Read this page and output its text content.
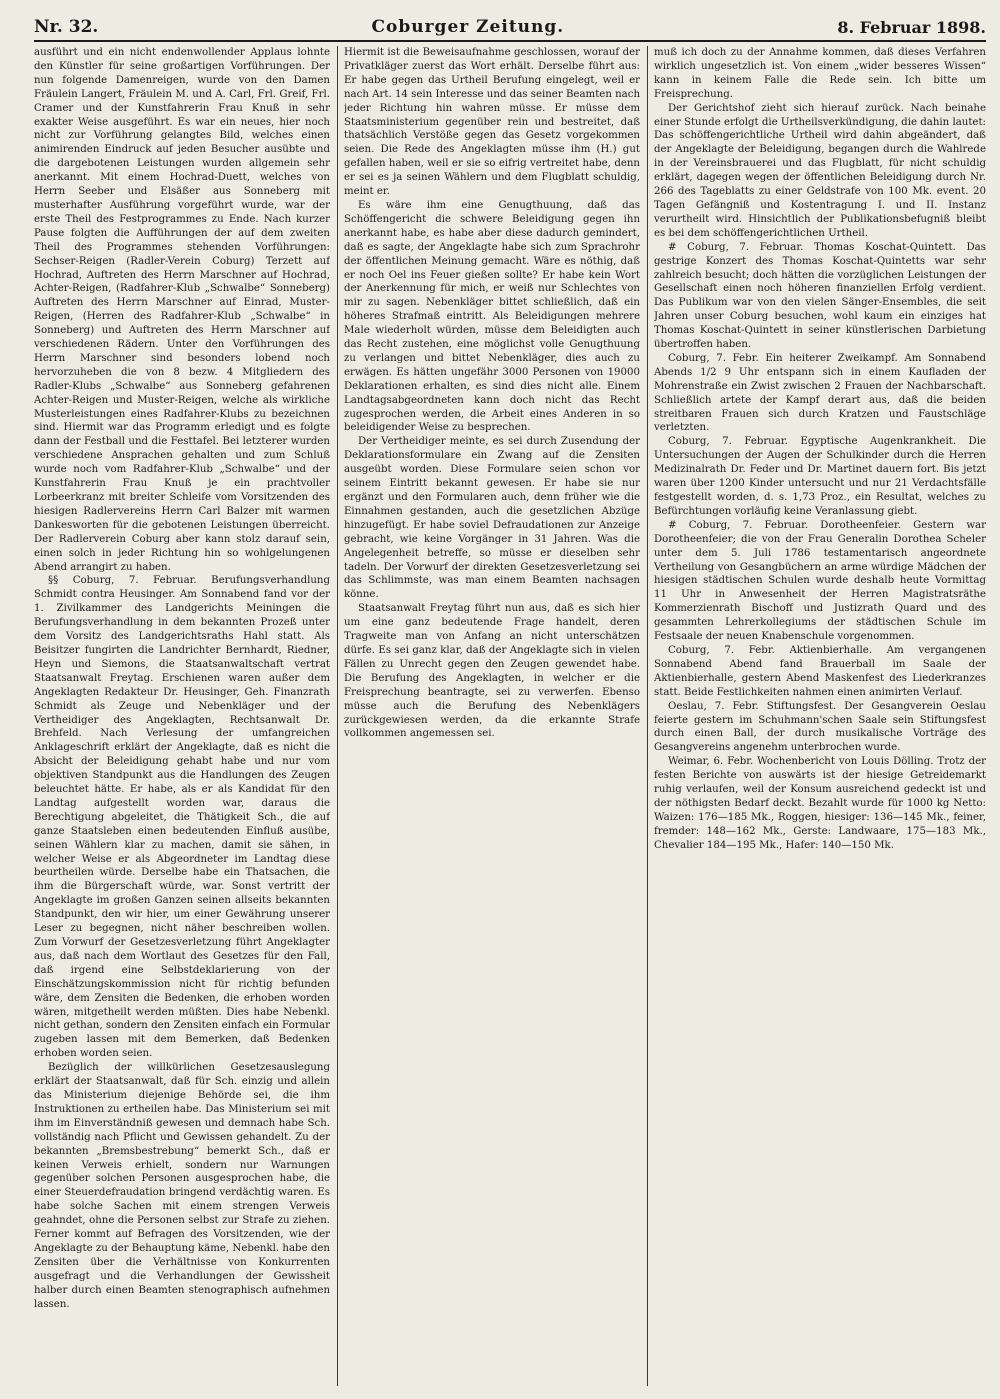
Nr. 32.	Coburger Zeitung.	8. Februar 1898.

ausführt und ein nicht endenwollender Applaus lohnte den Künstler für seine großartigen Vorführungen. Der nun folgende Damenreigen, wurde von den Damen Fräulein Langert, Fräulein M. und A. Carl, Frl. Greif, Frl. Cramer und der Kunstfahrerin Frau Knuß in sehr exakter Weise ausgeführt. Es war ein neues, hier noch nicht zur Vorführung gelangtes Bild, welches einen animirenden Eindruck auf jeden Besucher ausübte und die dargebotenen Leistungen wurden allgemein sehr anerkannt. Mit einem Hochrad-Duett, welches von Herrn Seeber und Elsäßer aus Sonneberg mit musterhafter Ausführung vorgeführt wurde, war der erste Theil des Festprogrammes zu Ende. Nach kurzer Pause folgten die Aufführungen der auf dem zweiten Theil des Programmes stehenden Vorführungen: Sechser-Reigen (Radler-Verein Coburg) Terzett auf Hochrad, Auftreten des Herrn Marschner auf Hochrad, Achter-Reigen, (Radfahrer-Klub „Schwalbe“ Sonneberg) Auftreten des Herrn Marschner auf Einrad, Muster-Reigen, (Herren des Radfahrer-Klub „Schwalbe“ in Sonneberg) und Auftreten des Herrn Marschner auf verschiedenen Rädern. Unter den Vorführungen des Herrn Marschner sind besonders lobend noch hervorzuheben die von 8 bezw. 4 Mitgliedern des Radler-Klubs „Schwalbe“ aus Sonneberg gefahrenen Achter-Reigen und Muster-Reigen, welche als wirkliche Musterleistungen eines Radfahrer-Klubs zu bezeichnen sind. Hiermit war das Programm erledigt und es folgte dann der Festball und die Festtafel. Bei letzterer wurden verschiedene Ansprachen gehalten und zum Schluß wurde noch vom Radfahrer-Klub „Schwalbe“ und der Kunstfahrerin Frau Knuß je ein prachtvoller Lorbeerkranz mit breiter Schleife vom Vorsitzenden des hiesigen Radlervereins Herrn Carl Balzer mit warmen Dankesworten für die gebotenen Leistungen überreicht. Der Radlerverein Coburg aber kann stolz darauf sein, einen solch in jeder Richtung hin so wohlgelungenen Abend arrangirt zu haben.

§§ Coburg, 7. Februar. Berufungsverhandlung Schmidt contra Heusinger. Am Sonnabend fand vor der 1. Zivilkammer des Landgerichts Meiningen die Berufungsverhandlung in dem bekannten Prozeß unter dem Vorsitz des Landgerichtsraths Hahl statt. Als Beisitzer fungirten die Landrichter Bernhardt, Riedner, Heyn und Siemons, die Staatsanwaltschaft vertrat Staatsanwalt Freytag. Erschienen waren außer dem Angeklagten Redakteur Dr. Heusinger, Geh. Finanzrath Schmidt als Zeuge und Nebenkläger und der Vertheidiger des Angeklagten, Rechtsanwalt Dr. Brehfeld. Nach Verlesung der umfangreichen Anklageschrift erklärt der Angeklagte, daß es nicht die Absicht der Beleidigung gehabt habe und nur vom objektiven Standpunkt aus die Handlungen des Zeugen beleuchtet hätte. Er habe, als er als Kandidat für den Landtag aufgestellt worden war, daraus die Berechtigung abgeleitet, die Thätigkeit Sch., die auf ganze Staatsleben einen bedeutenden Einfluß ausübe, seinen Wählern klar zu machen, damit sie sähen, in welcher Weise er als Abgeordneter im Landtag diese beurtheilen würde. Derselbe habe ein Thatsachen, die ihm die Bürgerschaft würde, war. Sonst vertritt der Angeklagte im großen Ganzen seinen allseits bekannten Standpunkt, den wir hier, um einer Gewährung unserer Leser zu begegnen, nicht näher beschreiben wollen. Zum Vorwurf der Gesetzesverletzung führt Angeklagter aus, daß nach dem Wortlaut des Gesetzes für den Fall, daß irgend eine Selbstdeklarierung von der Einschätzungskommission nicht für richtig befunden wäre, dem Zensiten die Bedenken, die erhoben worden wären, mitgetheilt werden müßten. Dies habe Nebenkl. nicht gethan, sondern den Zensiten einfach ein Formular zugeben lassen mit dem Bemerken, daß Bedenken erhoben worden seien.

Bezüglich der willkürlichen Gesetzesauslegung erklärt der Staatsanwalt, daß für Sch. einzig und allein das Ministerium diejenige Behörde sei, die ihm Instruktionen zu ertheilen habe. Das Ministerium sei mit ihm im Einverständniß gewesen und demnach habe Sch. vollständig nach Pflicht und Gewissen gehandelt. Zu der bekannten „Bremsbestrebung“ bemerkt Sch., daß er keinen Verweis erhielt, sondern nur Warnungen gegenüber solchen Personen ausgesprochen habe, die einer Steuerdefraudation bringend verdächtig waren. Es habe solche Sachen mit einem strengen Verweis geahndet, ohne die Personen selbst zur Strafe zu ziehen. Ferner kommt auf Befragen des Vorsitzenden, wie der Angeklagte zu der Behauptung käme, Nebenkl. habe den Zensiten über die Verhältnisse von Konkurrenten ausgefragt und die Verhandlungen der Gewissheit halber durch einen Beamten stenographisch aufnehmen lassen.

Hiermit ist die Beweisaufnahme geschlossen, worauf der Privatkläger zuerst das Wort erhält. Derselbe führt aus: Er habe gegen das Urtheil Berufung eingelegt, weil er nach Art. 14 sein Interesse und das seiner Beamten nach jeder Richtung hin wahren müsse. Er müsse dem Staatsministerium gegenüber rein und bestreitet, daß thatsächlich Verstöße gegen das Gesetz vorgekommen seien. Die Rede des Angeklagten müsse ihm (H.) gut gefallen haben, weil er sie so eifrig vertreitet habe, denn er sei es ja seinen Wählern und dem Flugblatt schuldig, meint er.

Es wäre ihm eine Genugthuung, daß das Schöffengericht die schwere Beleidigung gegen ihn anerkannt habe, es habe aber diese dadurch gemindert, daß es sagte, der Angeklagte habe sich zum Sprachrohr der öffentlichen Meinung gemacht. Wäre es nöthig, daß er noch Oel ins Feuer gießen sollte? Er habe kein Wort der Anerkennung für mich, er weiß nur Schlechtes von mir zu sagen. Nebenkläger bittet schließlich, daß ein höheres Strafmaß eintritt. Als Beleidigungen mehrere Male wiederholt würden, müsse dem Beleidigten auch das Recht zustehen, eine möglichst volle Genugthuung zu verlangen und bittet Nebenkläger, dies auch zu erwägen. Es hätten ungefähr 3000 Personen von 19000 Deklarationen erhalten, es sind dies nicht alle. Einem Landtagsabgeordneten kann doch nicht das Recht zugesprochen werden, die Arbeit eines Anderen in so beleidigender Weise zu besprechen.

Der Vertheidiger meinte, es sei durch Zusendung der Deklarationsformulare ein Zwang auf die Zensiten ausgeübt worden. Diese Formulare seien schon vor seinem Eintritt bekannt gewesen. Er habe sie nur ergänzt und den Formularen auch, denn früher wie die Einnahmen gestanden, auch die gesetzlichen Abzüge hinzugefügt. Er habe soviel Defraudationen zur Anzeige gebracht, wie keine Vorgänger in 31 Jahren. Was die Angelegenheit betreffe, so müsse er dieselben sehr tadeln. Der Vorwurf der direkten Gesetzesverletzung sei das Schlimmste, was man einem Beamten nachsagen könne.

Staatsanwalt Freytag führt nun aus, daß es sich hier um eine ganz bedeutende Frage handelt, deren Tragweite man von Anfang an nicht unterschätzen dürfe. Es sei ganz klar, daß der Angeklagte sich in vielen Fällen zu Unrecht gegen den Zeugen gewendet habe. Die Berufung des Angeklagten, in welcher er die Freisprechung beantragte, sei zu verwerfen. Ebenso müsse auch die Berufung des Nebenklägers zurückgewiesen werden, da die erkannte Strafe vollkommen angemessen sei.

muß ich doch zu der Annahme kommen, daß dieses Verfahren wirklich ungesetzlich ist. Von einem „wider besseres Wissen“ kann in keinem Falle die Rede sein. Ich bitte um Freisprechung.

Der Gerichtshof zieht sich hierauf zurück. Nach beinahe einer Stunde erfolgt die Urtheilsverkündigung, die dahin lautet: Das schöffengerichtliche Urtheil wird dahin abgeändert, daß der Angeklagte der Beleidigung, begangen durch die Wahlrede in der Vereinsbrauerei und das Flugblatt, für nicht schuldig erklärt, dagegen wegen der öffentlichen Beleidigung durch Nr. 266 des Tageblatts zu einer Geldstrafe von 100 Mk. event. 20 Tagen Gefängniß und Kostentragung I. und II. Instanz verurtheilt wird. Hinsichtlich der Publikationsbefugniß bleibt es bei dem schöffengerichtlichen Urtheil.

# Coburg, 7. Februar. Thomas Koschat-Quintett. Das gestrige Konzert des Thomas Koschat-Quintetts war sehr zahlreich besucht; doch hätten die vorzüglichen Leistungen der Gesellschaft einen noch höheren finanziellen Erfolg verdient. Das Publikum war von den vielen Sänger-Ensembles, die seit Jahren unser Coburg besuchen, wohl kaum ein einziges hat Thomas Koschat-Quintett in seiner künstlerischen Darbietung übertroffen haben.

Coburg, 7. Febr. Ein heiterer Zweikampf. Am Sonnabend Abends 1/2 9 Uhr entspann sich in einem Kaufladen der Mohrenstraße ein Zwist zwischen 2 Frauen der Nachbarschaft. Schließlich artete der Kampf derart aus, daß die beiden streitbaren Frauen sich durch Kratzen und Faustschläge verletzten.

Coburg, 7. Februar. Egyptische Augenkrankheit. Die Untersuchungen der Augen der Schulkinder durch die Herren Medizinalrath Dr. Feder und Dr. Martinet dauern fort. Bis jetzt waren über 1200 Kinder untersucht und nur 21 Verdachtsfälle festgestellt worden, d. s. 1,73 Proz., ein Resultat, welches zu Befürchtungen vorläufig keine Veranlassung giebt.

# Coburg, 7. Februar. Dorotheenfeier. Gestern war Dorotheenfeier; die von der Frau Generalin Dorothea Scheler unter dem 5. Juli 1786 testamentarisch angeordnete Vertheilung von Gesangbüchern an arme würdige Mädchen der hiesigen städtischen Schulen wurde deshalb heute Vormittag 11 Uhr in Anwesenheit der Herren Magistratsräthe Kommerzienrath Bischoff und Justizrath Quard und des gesammten Lehrerkollegiums der städtischen Schule im Festsaale der neuen Knabenschule vorgenommen.

Coburg, 7. Febr. Aktienbierhalle. Am vergangenen Sonnabend Abend fand Brauerball im Saale der Aktienbierhalle, gestern Abend Maskenfest des Liederkranzes statt. Beide Festlichkeiten nahmen einen animirten Verlauf.

Oeslau, 7. Febr. Stiftungsfest. Der Gesangverein Oeslau feierte gestern im Schuhmann'schen Saale sein Stiftungsfest durch einen Ball, der durch musikalische Vorträge des Gesangvereins angenehm unterbrochen wurde.

Weimar, 6. Febr. Wochenbericht von Louis Dölling. Trotz der festen Berichte von auswärts ist der hiesige Getreidemarkt ruhig verlaufen, weil der Konsum ausreichend gedeckt ist und der nöthigsten Bedarf deckt. Bezahlt wurde für 1000 kg Netto: Waizen: 176—185 Mk., Roggen, hiesiger: 136—145 Mk., feiner, fremder: 148—162 Mk., Gerste: Landwaare, 175—183 Mk., Chevalier 184—195 Mk., Hafer: 140—150 Mk.
